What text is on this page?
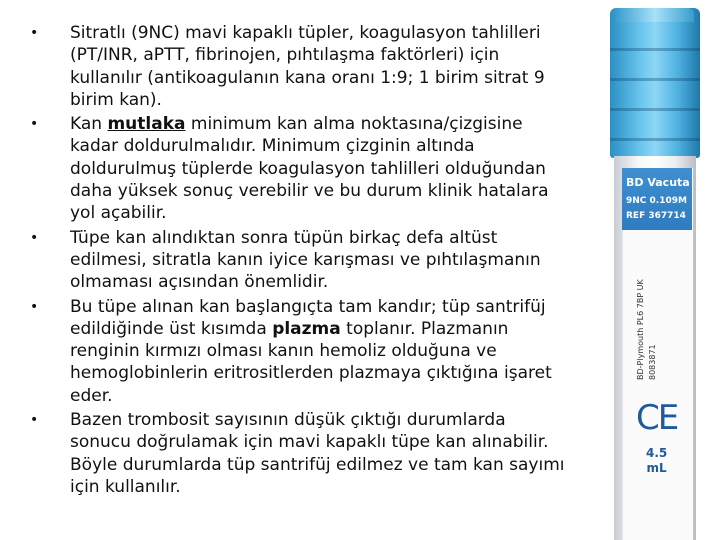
• Sitratlı (9NC) mavi kapaklı tüpler, koagulasyon tahlilleri (PT/INR, aPTT, fibrinojen, pıhtılaşma faktörleri) için kullanılır (antikoagulanın kana oranı 1:9; 1 birim sitrat 9 birim kan).
• Kan mutlaka minimum kan alma noktasına/çizgisine kadar doldurulmalıdır. Minimum çizginin altında doldurulmuş tüplerde koagulasyon tahlilleri olduğundan daha yüksek sonuç verebilir ve bu durum klinik hatalara yol açabilir.
• Tüpe kan alındıktan sonra tüpün birkaç defa altüst edilmesi, sitratla kanın iyice karışması ve pıhtılaşmanın olmaması açısından önemlidir.
• Bu tüpe alınan kan başlangıçta tam kandır; tüp santrifüj edildiğinde üst kısımda plazma toplanır. Plazmanın renginin kırmızı olması kanın hemoliz olduğuna ve hemoglobinlerin eritrositlerden plazmaya çıktığına işaret eder.
• Bazen trombosit sayısının düşük çıktığı durumlarda sonucu doğrulamak için mavi kapaklı tüpe kan alınabilir. Böyle durumlarda tüp santrifüj edilmez ve tam kan sayımı için kullanılır.
BD Vacuta
9NC 0.109M
REF 367714
BD-Plymouth PL6 7BP UK 8083871
CE
4.5
mL
